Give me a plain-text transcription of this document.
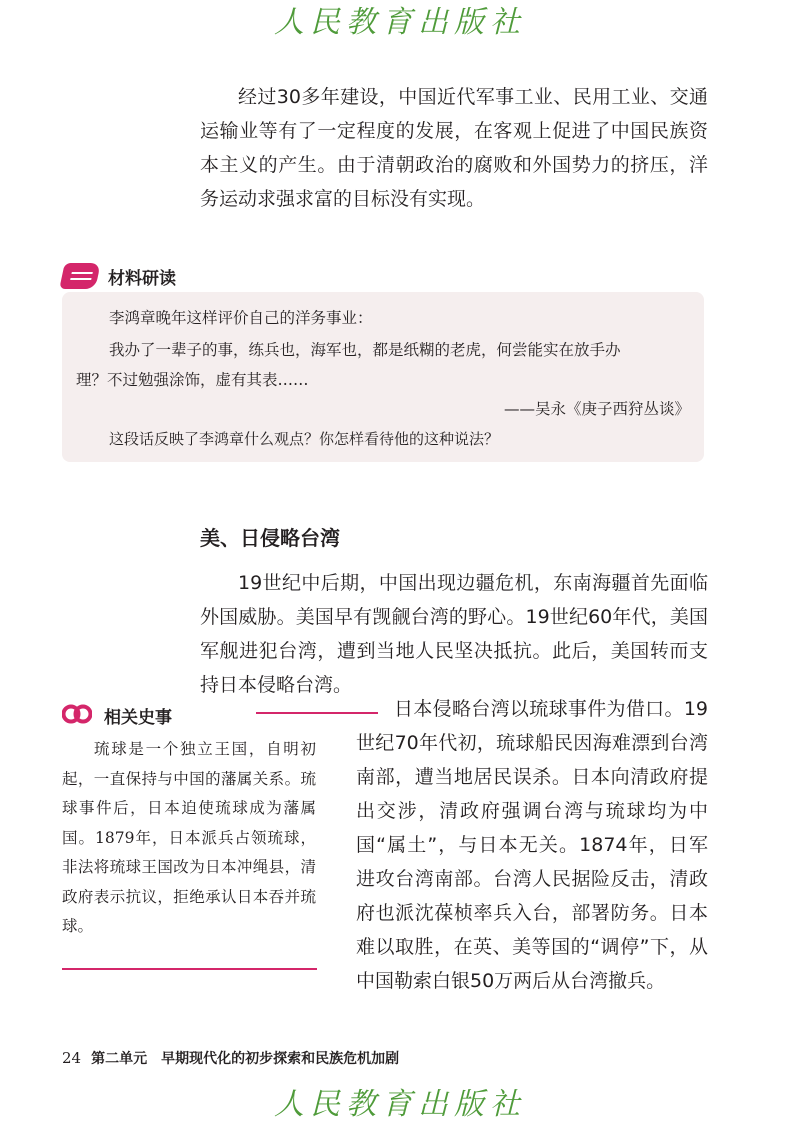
人民教育出版社

经过30多年建设，中国近代军事工业、民用工业、交通运输业等有了一定程度的发展，在客观上促进了中国民族资本主义的产生。由于清朝政治的腐败和外国势力的挤压，洋务运动求强求富的目标没有实现。

材料研读
李鸿章晚年这样评价自己的洋务事业：
我办了一辈子的事，练兵也，海军也，都是纸糊的老虎，何尝能实在放手办
理？不过勉强涂饰，虚有其表……
——吴永《庚子西狩丛谈》
这段话反映了李鸿章什么观点？你怎样看待他的这种说法？
美、日侵略台湾

19世纪中后期，中国出现边疆危机，东南海疆首先面临外国威胁。美国早有觊觎台湾的野心。19世纪60年代，美国军舰进犯台湾，遭到当地人民坚决抵抗。此后，美国转而支持日本侵略台湾。

日本侵略台湾以琉球事件为借口。19世纪70年代初，琉球船民因海难漂到台湾南部，遭当地居民误杀。日本向清政府提出交涉，清政府强调台湾与琉球均为中国“属土”，与日本无关。1874年，日军进攻台湾南部。台湾人民据险反击，清政府也派沈葆桢率兵入台，部署防务。日本难以取胜，在英、美等国的“调停”下，从中国勒索白银50万两后从台湾撤兵。

相关史事

琉球是一个独立王国，自明初起，一直保持与中国的藩属关系。琉球事件后，日本迫使琉球成为藩属国。1879年，日本派兵占领琉球，非法将琉球王国改为日本冲绳县，清政府表示抗议，拒绝承认日本吞并琉球。

24 第二单元　早期现代化的初步探索和民族危机加剧
人民教育出版社
